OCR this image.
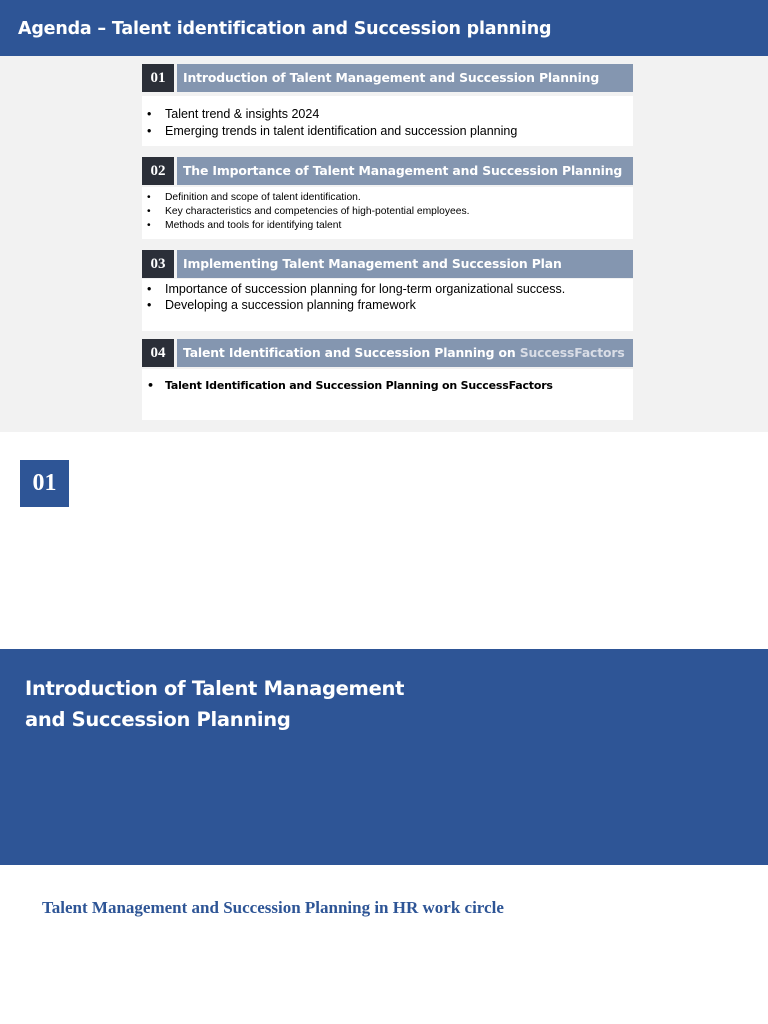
Agenda – Talent identification and Succession planning
01	Introduction of Talent Management and Succession Planning
• Talent trend & insights 2024
• Emerging trends in talent identification and succession planning
02	The Importance of Talent Management and Succession Planning
• Definition and scope of talent identification.
• Key characteristics and competencies of high-potential employees.
• Methods and tools for identifying talent
03	Implementing Talent Management and Succession Plan
• Importance of succession planning for long-term organizational success.
• Developing a succession planning framework
04	Talent Identification and Succession Planning on SuccessFactors
• Talent Identification and Succession Planning on SuccessFactors
01
Introduction of Talent Management
and Succession Planning
Talent Management and Succession Planning in HR work circle
